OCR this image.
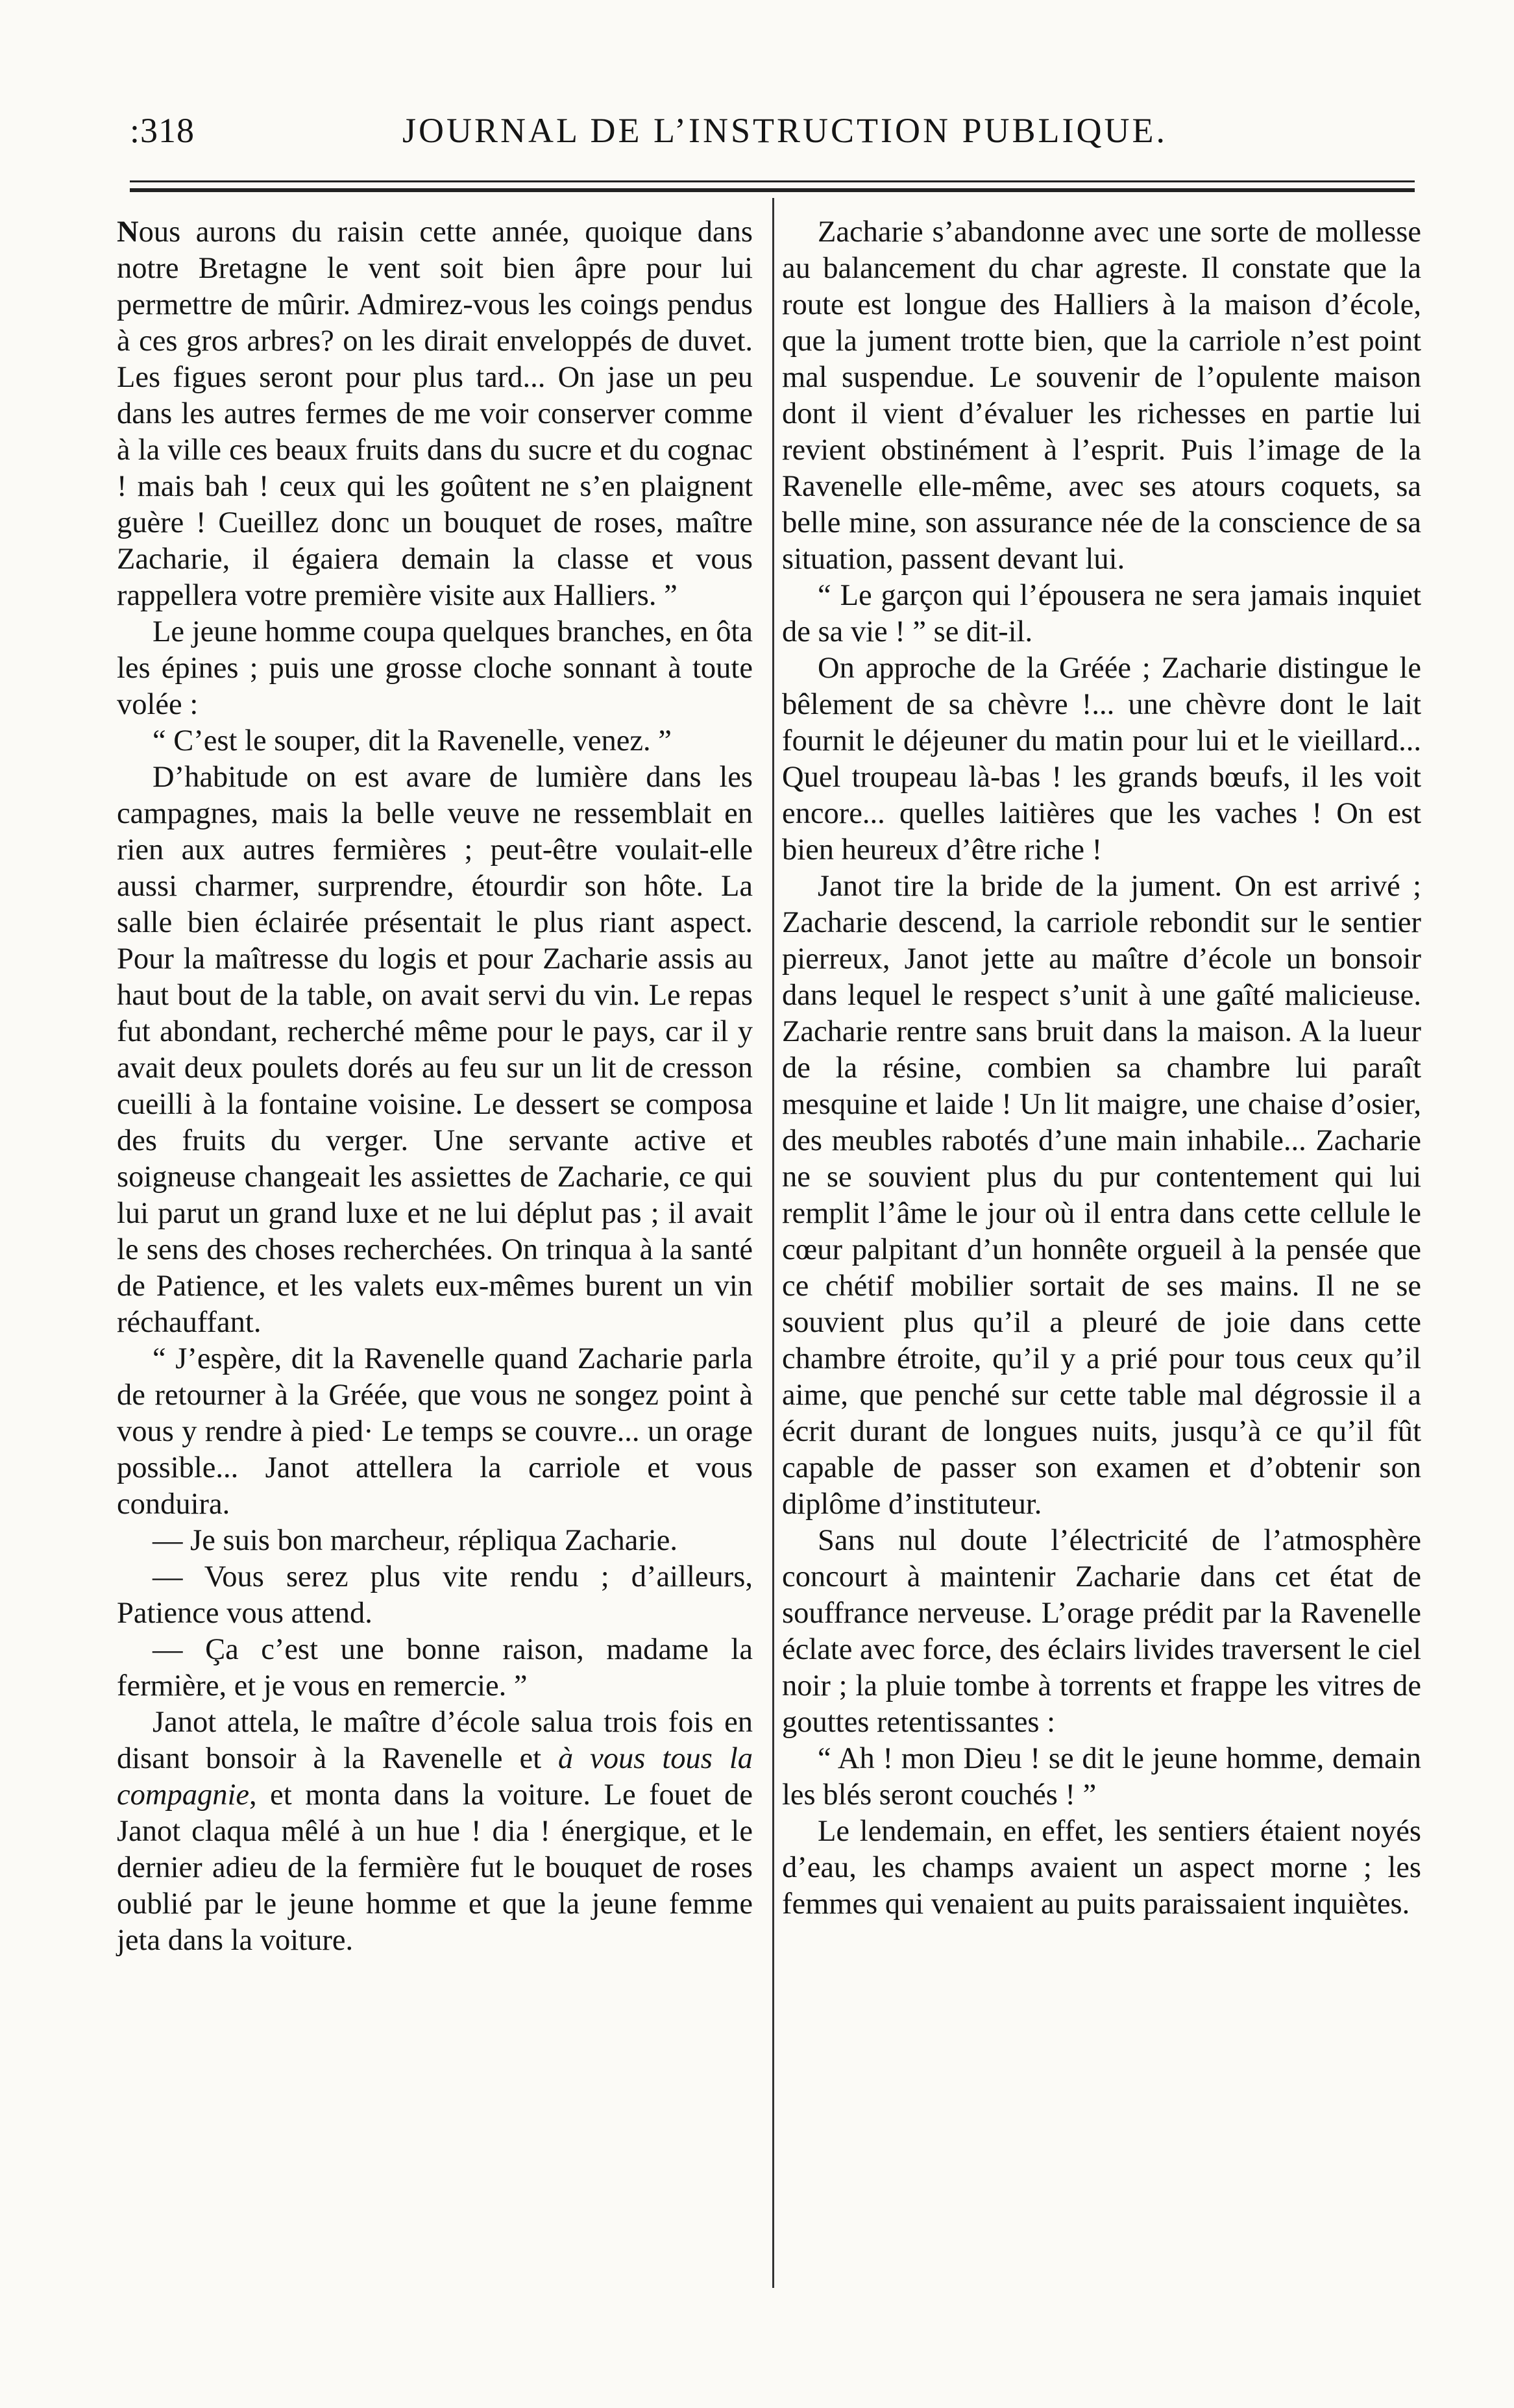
:318	JOURNAL DE L’INSTRUCTION PUBLIQUE.

Nous aurons du raisin cette année, quoique dans notre Bretagne le vent soit bien âpre pour lui permettre de mûrir. Admirez-vous les coings pendus à ces gros arbres? on les dirait enveloppés de duvet. Les figues seront pour plus tard... On jase un peu dans les autres fermes de me voir conserver comme à la ville ces beaux fruits dans du sucre et du cognac ! mais bah ! ceux qui les goûtent ne s’en plaignent guère ! Cueillez donc un bouquet de roses, maître Zacharie, il égaiera demain la classe et vous rappellera votre première visite aux Halliers. ”

Le jeune homme coupa quelques branches, en ôta les épines ; puis une grosse cloche sonnant à toute volée :

“ C’est le souper, dit la Ravenelle, venez. ”

D’habitude on est avare de lumière dans les campagnes, mais la belle veuve ne ressemblait en rien aux autres fermières ; peut-être voulait-elle aussi charmer, surprendre, étourdir son hôte. La salle bien éclairée présentait le plus riant aspect. Pour la maîtresse du logis et pour Zacharie assis au haut bout de la table, on avait servi du vin. Le repas fut abondant, recherché même pour le pays, car il y avait deux poulets dorés au feu sur un lit de cresson cueilli à la fontaine voisine. Le dessert se composa des fruits du verger. Une servante active et soigneuse changeait les assiettes de Zacharie, ce qui lui parut un grand luxe et ne lui déplut pas ; il avait le sens des choses recherchées. On trinqua à la santé de Patience, et les valets eux-mêmes burent un vin réchauffant.

“ J’espère, dit la Ravenelle quand Zacharie parla de retourner à la Gréée, que vous ne songez point à vous y rendre à pied· Le temps se couvre... un orage possible... Janot attellera la carriole et vous conduira.

— Je suis bon marcheur, répliqua Zacharie.

— Vous serez plus vite rendu ; d’ailleurs, Patience vous attend.

— Ça c’est une bonne raison, madame la fermière, et je vous en remercie. ”

Janot attela, le maître d’école salua trois fois en disant bonsoir à la Ravenelle et à vous tous la compagnie, et monta dans la voiture. Le fouet de Janot claqua mêlé à un hue ! dia ! énergique, et le dernier adieu de la fermière fut le bouquet de roses oublié par le jeune homme et que la jeune femme jeta dans la voiture.

Zacharie s’abandonne avec une sorte de mollesse au balancement du char agreste. Il constate que la route est longue des Halliers à la maison d’école, que la jument trotte bien, que la carriole n’est point mal suspendue. Le souvenir de l’opulente maison dont il vient d’évaluer les richesses en partie lui revient obstinément à l’esprit. Puis l’image de la Ravenelle elle-même, avec ses atours coquets, sa belle mine, son assurance née de la conscience de sa situation, passent devant lui.

“ Le garçon qui l’épousera ne sera jamais inquiet de sa vie ! ” se dit-il.

On approche de la Gréée ; Zacharie distingue le bêlement de sa chèvre !... une chèvre dont le lait fournit le déjeuner du matin pour lui et le vieillard... Quel troupeau là-bas ! les grands bœufs, il les voit encore... quelles laitières que les vaches ! On est bien heureux d’être riche !

Janot tire la bride de la jument. On est arrivé ; Zacharie descend, la carriole rebondit sur le sentier pierreux, Janot jette au maître d’école un bonsoir dans lequel le respect s’unit à une gaîté malicieuse. Zacharie rentre sans bruit dans la maison. A la lueur de la résine, combien sa chambre lui paraît mesquine et laide ! Un lit maigre, une chaise d’osier, des meubles rabotés d’une main inhabile... Zacharie ne se souvient plus du pur contentement qui lui remplit l’âme le jour où il entra dans cette cellule le cœur palpitant d’un honnête orgueil à la pensée que ce chétif mobilier sortait de ses mains. Il ne se souvient plus qu’il a pleuré de joie dans cette chambre étroite, qu’il y a prié pour tous ceux qu’il aime, que penché sur cette table mal dégrossie il a écrit durant de longues nuits, jusqu’à ce qu’il fût capable de passer son examen et d’obtenir son diplôme d’instituteur.

Sans nul doute l’électricité de l’atmosphère concourt à maintenir Zacharie dans cet état de souffrance nerveuse. L’orage prédit par la Ravenelle éclate avec force, des éclairs livides traversent le ciel noir ; la pluie tombe à torrents et frappe les vitres de gouttes retentissantes :

“ Ah ! mon Dieu ! se dit le jeune homme, demain les blés seront couchés ! ”

Le lendemain, en effet, les sentiers étaient noyés d’eau, les champs avaient un aspect morne ; les femmes qui venaient au puits paraissaient inquiètes.
